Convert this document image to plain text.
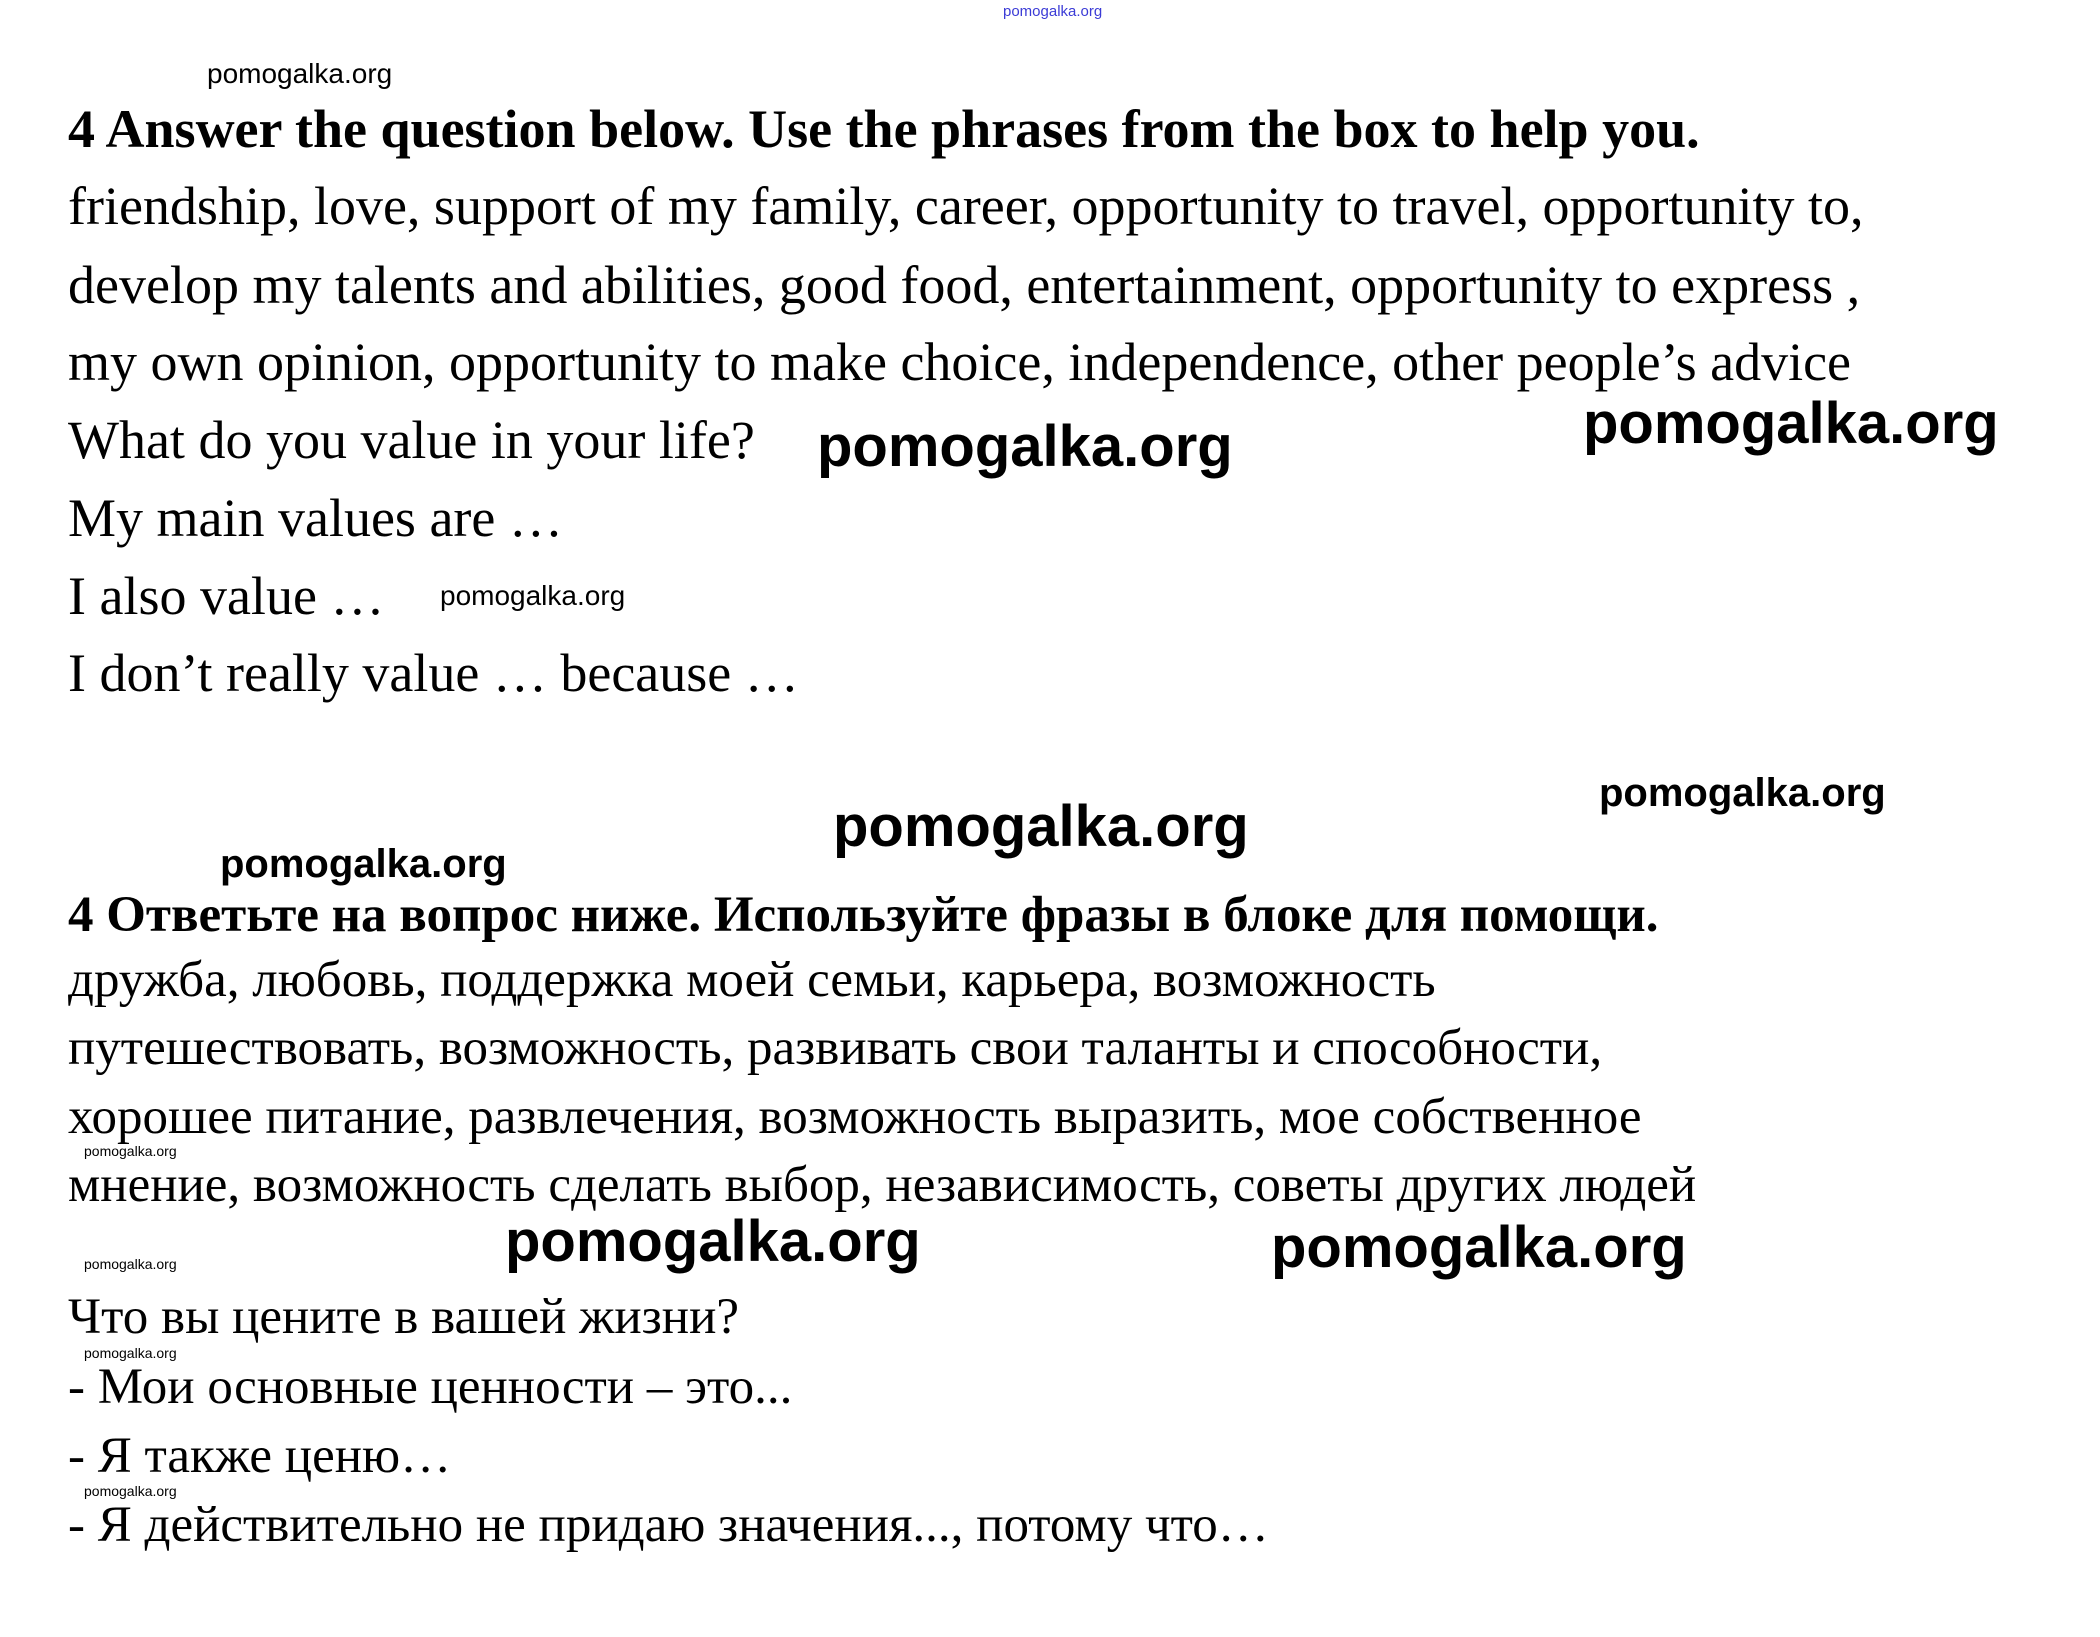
4 Answer the question below. Use the phrases from the box to help you.
friendship, love, support of my family, career, opportunity to travel, opportunity to,
develop my talents and abilities, good food, entertainment, opportunity to express ,
my own opinion, opportunity to make choice, independence, other people’s advice
What do you value in your life?
My main values are …
I also value …
I don’t really value … because …
4 Ответьте на вопрос ниже. Используйте фразы в блоке для помощи.
дружба, любовь, поддержка моей семьи, карьера, возможность
путешествовать, возможность, развивать свои таланты и способности,
хорошее питание, развлечения, возможность выразить, мое собственное
мнение, возможность сделать выбор, независимость, советы других людей
Что вы цените в вашей жизни?
- Мои основные ценности – это...
- Я также ценю…
- Я действительно не придаю значения..., потому что…
pomogalka.org
pomogalka.org
pomogalka.org	pomogalka.org
pomogalka.org
pomogalka.org
pomogalka.org
pomogalka.org
pomogalka.org
pomogalka.org	pomogalka.org
pomogalka.org
pomogalka.org
pomogalka.org
